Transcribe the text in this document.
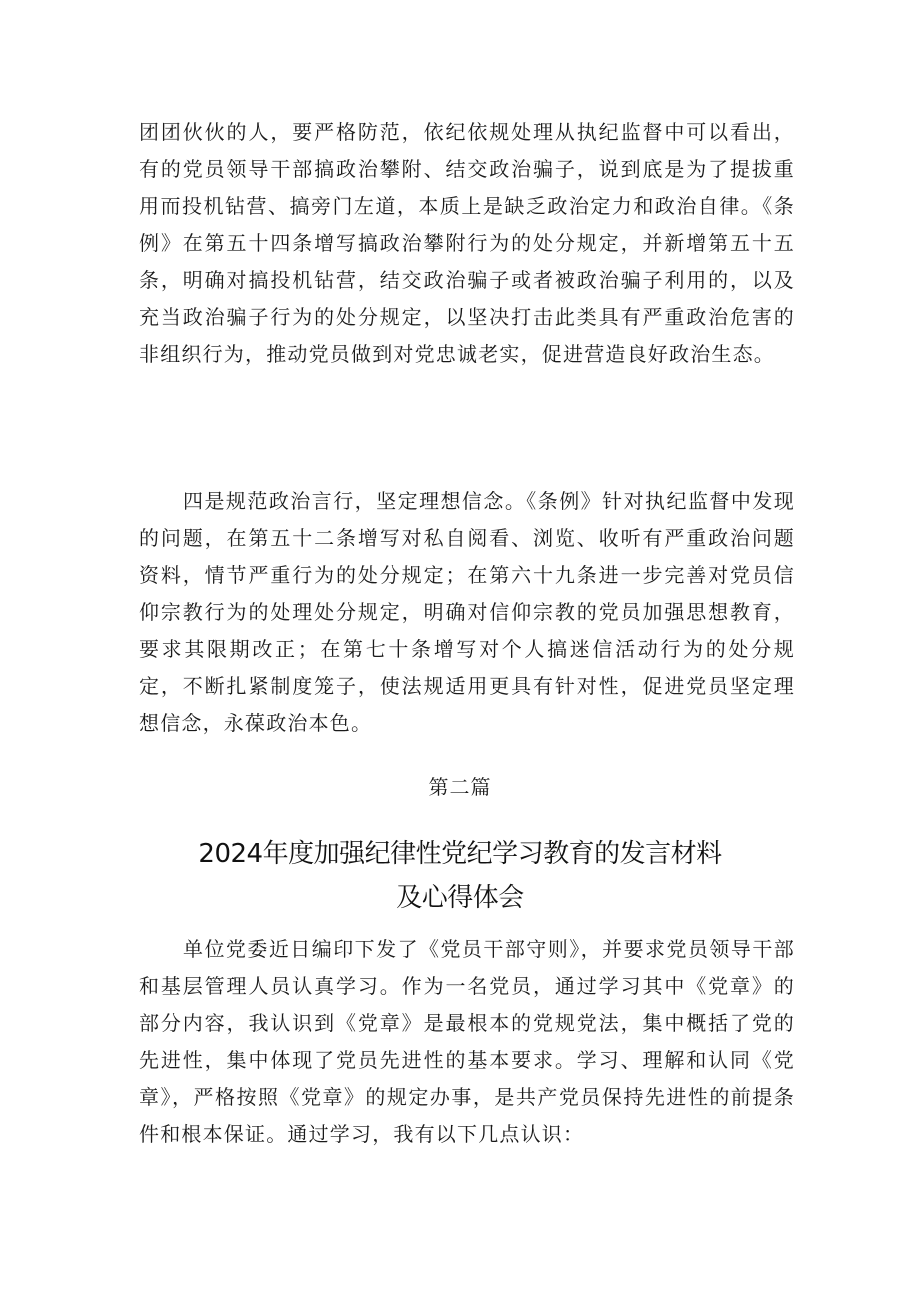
团团伙伙的人，要严格防范，依纪依规处理从执纪监督中可以看出，有的党员领导干部搞政治攀附、结交政治骗子，说到底是为了提拔重用而投机钻营、搞旁门左道，本质上是缺乏政治定力和政治自律。《条例》在第五十四条增写搞政治攀附行为的处分规定，并新增第五十五条，明确对搞投机钻营，结交政治骗子或者被政治骗子利用的，以及充当政治骗子行为的处分规定，以坚决打击此类具有严重政治危害的非组织行为，推动党员做到对党忠诚老实，促进营造良好政治生态。

四是规范政治言行，坚定理想信念。《条例》针对执纪监督中发现的问题，在第五十二条增写对私自阅看、浏览、收听有严重政治问题资料，情节严重行为的处分规定；在第六十九条进一步完善对党员信仰宗教行为的处理处分规定，明确对信仰宗教的党员加强思想教育，要求其限期改正；在第七十条增写对个人搞迷信活动行为的处分规定，不断扎紧制度笼子，使法规适用更具有针对性，促进党员坚定理想信念，永葆政治本色。

第二篇
2024年度加强纪律性党纪学习教育的发言材料
及心得体会

单位党委近日编印下发了《党员干部守则》，并要求党员领导干部和基层管理人员认真学习。作为一名党员，通过学习其中《党章》的部分内容，我认识到《党章》是最根本的党规党法，集中概括了党的先进性，集中体现了党员先进性的基本要求。学习、理解和认同《党章》，严格按照《党章》的规定办事，是共产党员保持先进性的前提条件和根本保证。通过学习，我有以下几点认识：
